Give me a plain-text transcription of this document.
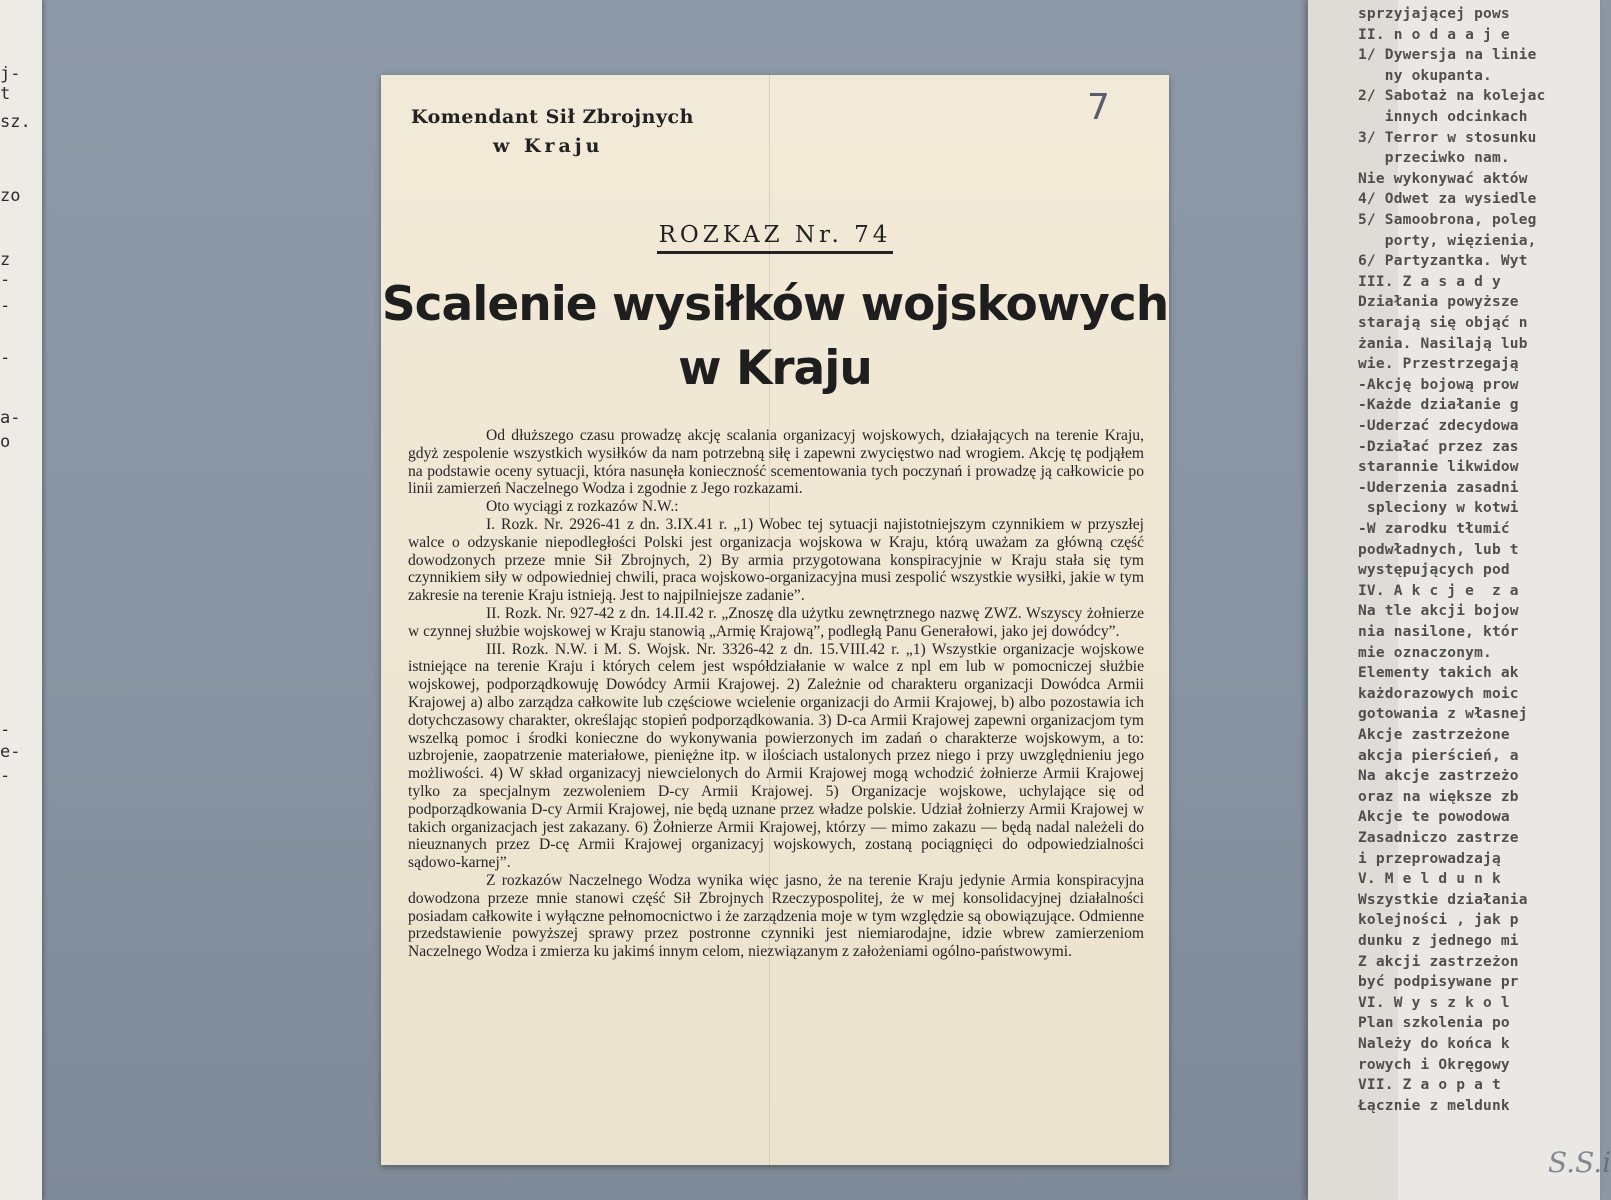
j-
t
sz.
zo
z
-
-
-
a-
o
-
e-
-
S.S.i
sprzyjającej pows
II. n o d a a j e
1/ Dywersja na linie
ny okupanta.
2/ Sabotaż na kolejac
innych odcinkach
3/ Terror w stosunku
przeciwko nam.
Nie wykonywać aktów
4/ Odwet za wysiedle
5/ Samoobrona, poleg
porty, więzienia,
6/ Partyzantka. Wyt
III. Z a s a d y
Działania powyższe
starają się objąć n
żania. Nasilają lub
wie. Przestrzegają
-Akcję bojową prow
-Każde działanie g
-Uderzać zdecydowa
-Działać przez zas
starannie likwidow
-Uderzenia zasadni
spleciony w kotwi
-W zarodku tłumić
podwładnych, lub t
występujących pod
IV. A k c j e  z a
Na tle akcji bojow
nia nasilone, któr
mie oznaczonym.
Elementy takich ak
każdorazowych moic
gotowania z własnej
Akcje zastrzeżone
akcja pierścień, a
Na akcje zastrzeżo
oraz na większe zb
Akcje te powodowa
Zasadniczo zastrze
i przeprowadzają
V. M e l d u n k
Wszystkie działania
kolejności , jak p
dunku z jednego mi
Z akcji zastrzeżon
być podpisywane pr
VI. W y s z k o l
Plan szkolenia po
Należy do końca k
rowych i Okręgowy
VII. Z a o p a t
Łącznie z meldunk
Komendant Sił Zbrojnych

w Kraju
7
ROZKAZ Nr. 74
Scalenie wysiłków wojskowych
w Kraju

Od dłuższego czasu prowadzę akcję scalania organizacyj wojskowych, działających na terenie Kraju, gdyż zespolenie wszystkich wysiłków da nam potrzebną siłę i zapewni zwycięstwo nad wrogiem. Akcję tę podjąłem na podstawie oceny sytuacji, która nasunęła konieczność scementowania tych poczynań i prowadzę ją całkowicie po linii zamierzeń Naczelnego Wodza i zgodnie z Jego rozkazami.

Oto wyciągi z rozkazów N.W.:

I. Rozk. Nr. 2926-41 z dn. 3.IX.41 r. „1) Wobec tej sytuacji najistotniejszym czynnikiem w przyszłej walce o odzyskanie niepodległości Polski jest organizacja wojskowa w Kraju, którą uważam za główną część dowodzonych przeze mnie Sił Zbrojnych, 2) By armia przygotowana konspiracyjnie w Kraju stała się tym czynnikiem siły w odpowiedniej chwili, praca wojskowo-organizacyjna musi zespolić wszystkie wysiłki, jakie w tym zakresie na terenie Kraju istnieją. Jest to najpilniejsze zadanie”.

II. Rozk. Nr. 927-42 z dn. 14.II.42 r. „Znoszę dla użytku zewnętrznego nazwę ZWZ. Wszyscy żołnierze w czynnej służbie wojskowej w Kraju stanowią „Armię Krajową”, podległą Panu Generałowi, jako jej dowódcy”.

III. Rozk. N.W. i M. S. Wojsk. Nr. 3326-42 z dn. 15.VIII.42 r. „1) Wszystkie organizacje wojskowe istniejące na terenie Kraju i których celem jest współdziałanie w walce z npl em lub w pomocniczej służbie wojskowej, podporządkowuję Dowódcy Armii Krajowej. 2) Zależnie od charakteru organizacji Dowódca Armii Krajowej a) albo zarządza całkowite lub częściowe wcielenie organizacji do Armii Krajowej, b) albo pozostawia ich dotychczasowy charakter, określając stopień podporządkowania. 3) D-ca Armii Krajowej zapewni organizacjom tym wszelką pomoc i środki konieczne do wykonywania powierzonych im zadań o charakterze wojskowym, a to: uzbrojenie, zaopatrzenie materiałowe, pieniężne itp. w ilościach ustalonych przez niego i przy uwzględnieniu jego możliwości. 4) W skład organizacyj niewcielonych do Armii Krajowej mogą wchodzić żołnierze Armii Krajowej tylko za specjalnym zezwoleniem D-cy Armii Krajowej. 5) Organizacje wojskowe, uchylające się od podporządkowania D-cy Armii Krajowej, nie będą uznane przez władze polskie. Udział żołnierzy Armii Krajowej w takich organizacjach jest zakazany. 6) Żołnierze Armii Krajowej, którzy — mimo zakazu — będą nadal należeli do nieuznanych przez D-cę Armii Krajowej organizacyj wojskowych, zostaną pociągnięci do odpowiedzialności sądowo-karnej”.

Z rozkazów Naczelnego Wodza wynika więc jasno, że na terenie Kraju jedynie Armia konspiracyjna dowodzona przeze mnie stanowi część Sił Zbrojnych Rzeczypospolitej, że w mej konsolidacyjnej działalności posiadam całkowite i wyłączne pełnomocnictwo i że zarządzenia moje w tym względzie są obowiązujące. Odmienne przedstawienie powyższej sprawy przez postronne czynniki jest niemiarodajne, idzie wbrew zamierzeniom Naczelnego Wodza i zmierza ku jakimś innym celom, niezwiązanym z założeniami ogólno-państwowymi.
